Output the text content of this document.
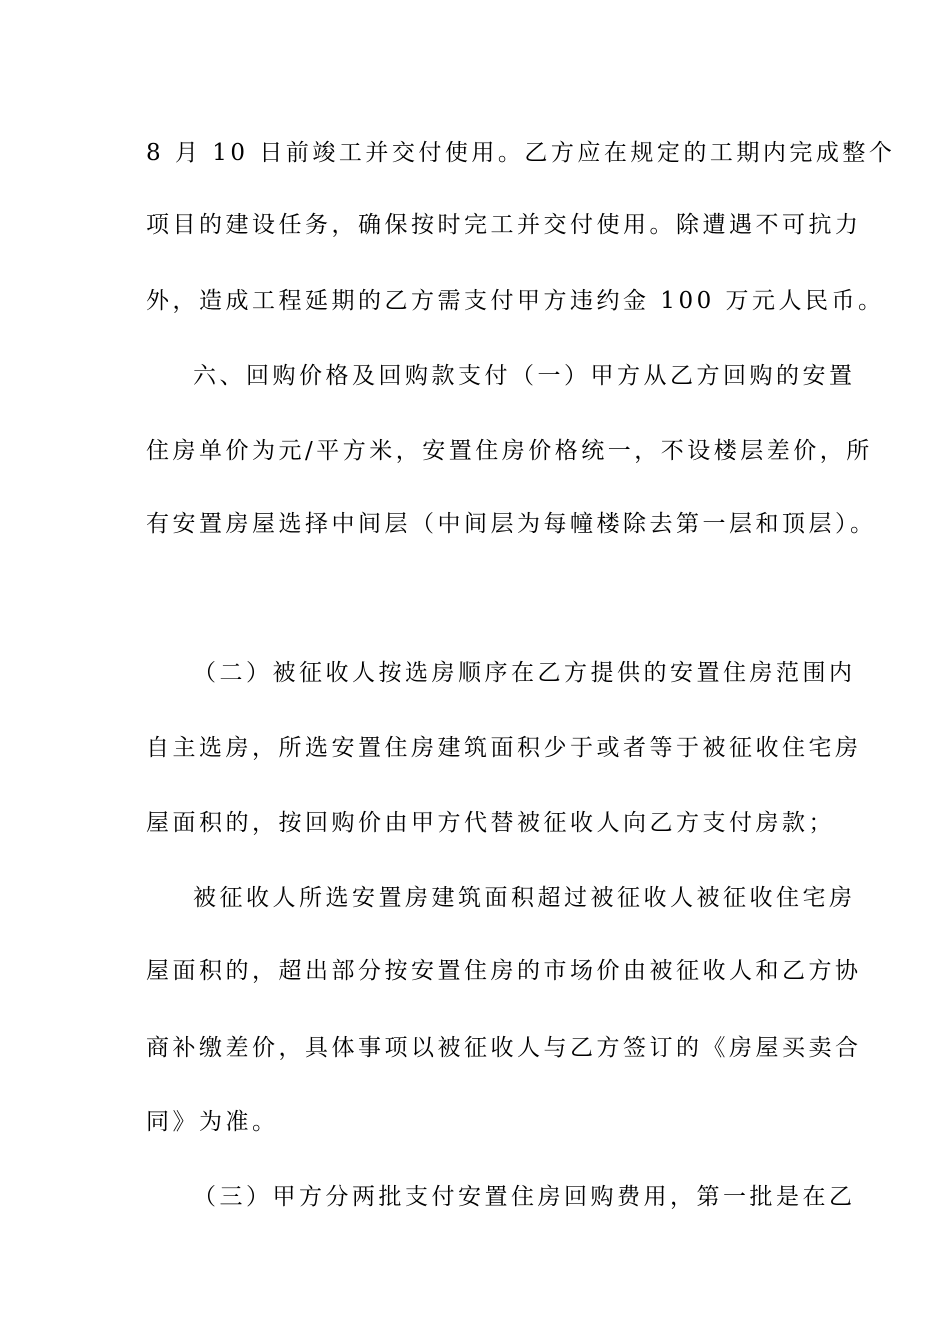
8 月 10 日前竣工并交付使用。乙方应在规定的工期内完成整个
项目的建设任务，确保按时完工并交付使用。除遭遇不可抗力
外，造成工程延期的乙方需支付甲方违约金 100 万元人民币。
六、回购价格及回购款支付（一）甲方从乙方回购的安置
住房单价为元/平方米，安置住房价格统一，不设楼层差价，所
有安置房屋选择中间层（中间层为每幢楼除去第一层和顶层）。
（二）被征收人按选房顺序在乙方提供的安置住房范围内
自主选房，所选安置住房建筑面积少于或者等于被征收住宅房
屋面积的，按回购价由甲方代替被征收人向乙方支付房款；
被征收人所选安置房建筑面积超过被征收人被征收住宅房
屋面积的，超出部分按安置住房的市场价由被征收人和乙方协
商补缴差价，具体事项以被征收人与乙方签订的《房屋买卖合
同》为准。
（三）甲方分两批支付安置住房回购费用，第一批是在乙
